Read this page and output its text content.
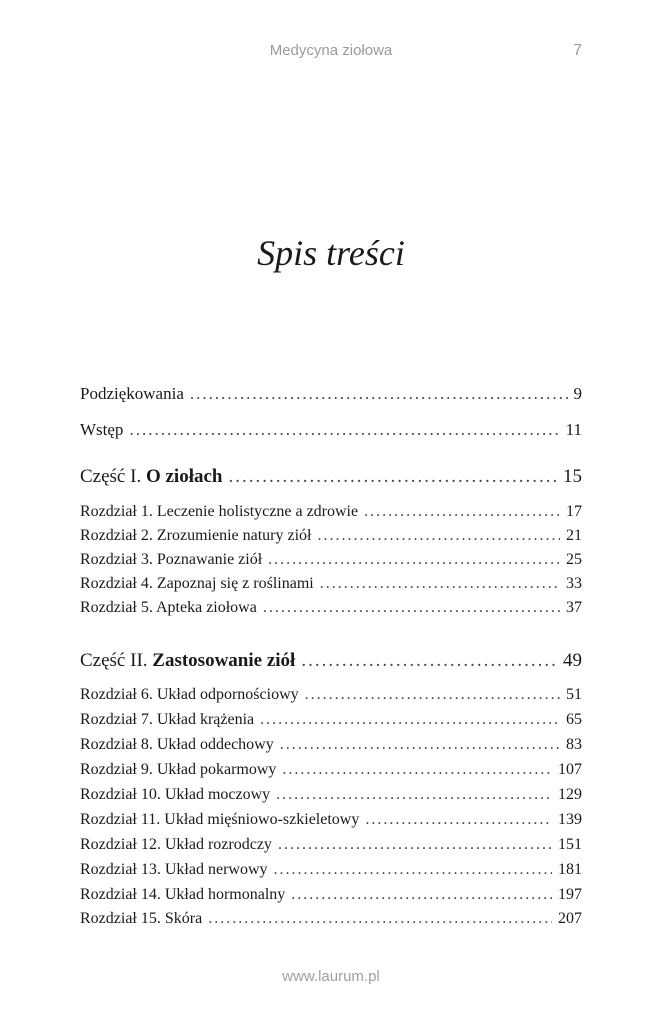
Medycyna ziołowa	7
Spis treści
Podziękowania .....	9
Wstęp .....	11
Część I. O ziołach .....	15
Rozdział 1. Leczenie holistyczne a zdrowie .....	17
Rozdział 2. Zrozumienie natury ziół .....	21
Rozdział 3. Poznawanie ziół .....	25
Rozdział 4. Zapoznaj się z roślinami .....	33
Rozdział 5. Apteka ziołowa .....	37
Część II. Zastosowanie ziół .....	49
Rozdział 6. Układ odpornościowy .....	51
Rozdział 7. Układ krążenia .....	65
Rozdział 8. Układ oddechowy .....	83
Rozdział 9. Układ pokarmowy .....	107
Rozdział 10. Układ moczowy .....	129
Rozdział 11. Układ mięśniowo-szkieletowy .....	139
Rozdział 12. Układ rozrodczy .....	151
Rozdział 13. Układ nerwowy .....	181
Rozdział 14. Układ hormonalny .....	197
Rozdział 15. Skóra .....	207
www.laurum.pl
